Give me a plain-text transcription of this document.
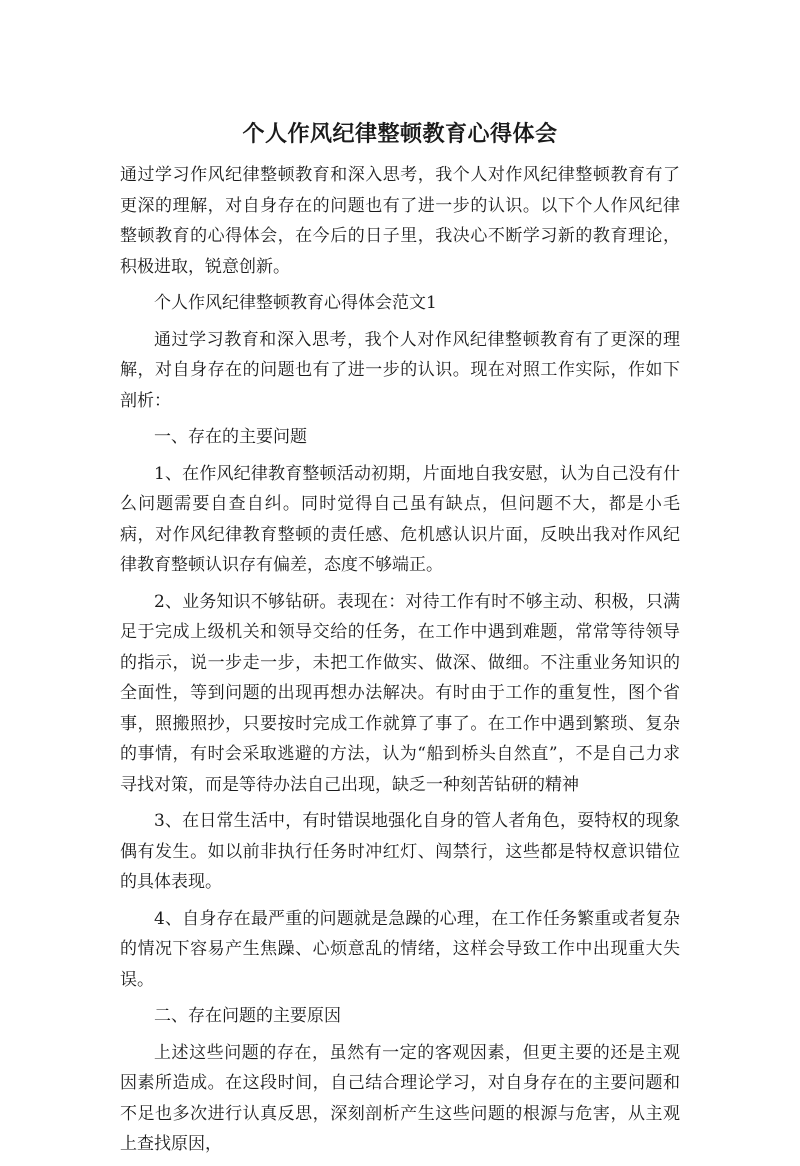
个人作风纪律整顿教育心得体会

通过学习作风纪律整顿教育和深入思考，我个人对作风纪律整顿教育有了更深的理解，对自身存在的问题也有了进一步的认识。以下个人作风纪律整顿教育的心得体会，在今后的日子里，我决心不断学习新的教育理论，积极进取，锐意创新。

个人作风纪律整顿教育心得体会范文1

通过学习教育和深入思考，我个人对作风纪律整顿教育有了更深的理解，对自身存在的问题也有了进一步的认识。现在对照工作实际，作如下剖析：

一、存在的主要问题

1、在作风纪律教育整顿活动初期，片面地自我安慰，认为自己没有什么问题需要自查自纠。同时觉得自己虽有缺点，但问题不大，都是小毛病，对作风纪律教育整顿的责任感、危机感认识片面，反映出我对作风纪律教育整顿认识存有偏差，态度不够端正。

2、业务知识不够钻研。表现在：对待工作有时不够主动、积极，只满足于完成上级机关和领导交给的任务，在工作中遇到难题，常常等待领导的指示，说一步走一步，未把工作做实、做深、做细。不注重业务知识的全面性，等到问题的出现再想办法解决。有时由于工作的重复性，图个省事，照搬照抄，只要按时完成工作就算了事了。在工作中遇到繁琐、复杂的事情，有时会采取逃避的方法，认为“船到桥头自然直”，不是自己力求寻找对策，而是等待办法自己出现，缺乏一种刻苦钻研的精神

3、在日常生活中，有时错误地强化自身的管人者角色，耍特权的现象偶有发生。如以前非执行任务时冲红灯、闯禁行，这些都是特权意识错位的具体表现。

4、自身存在最严重的问题就是急躁的心理，在工作任务繁重或者复杂的情况下容易产生焦躁、心烦意乱的情绪，这样会导致工作中出现重大失误。

二、存在问题的主要原因

上述这些问题的存在，虽然有一定的客观因素，但更主要的还是主观因素所造成。在这段时间，自己结合理论学习，对自身存在的主要问题和不足也多次进行认真反思，深刻剖析产生这些问题的根源与危害，从主观上查找原因，
